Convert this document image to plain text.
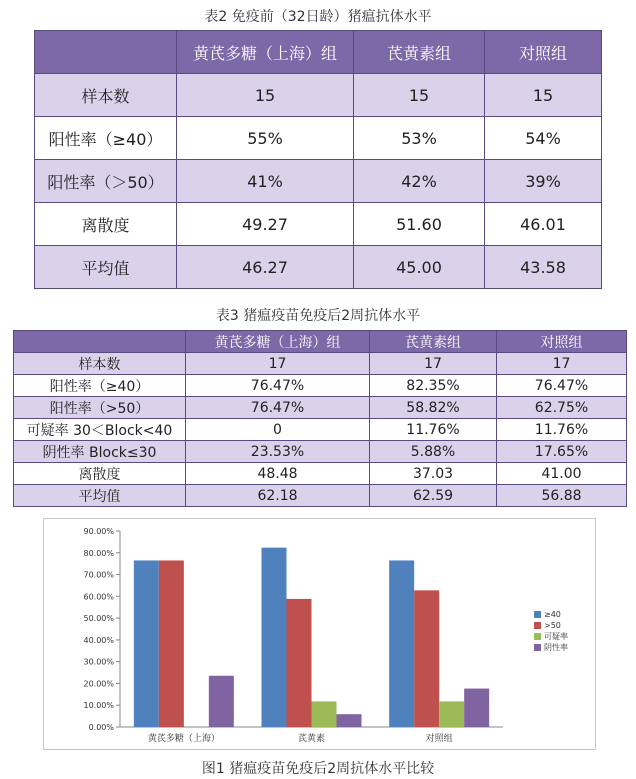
表2 免疫前（32日龄）猪瘟抗体水平
	黄芪多糖（上海）组	芪黄素组	对照组
样本数	15	15	15
阳性率（≥40）	55%	53%	54%
阳性率（＞50）	41%	42%	39%
离散度	49.27	51.60	46.01
平均值	46.27	45.00	43.58
表3 猪瘟疫苗免疫后2周抗体水平
	黄芪多糖（上海）组	芪黄素组	对照组
样本数	17	17	17
阳性率（≥40）	76.47%	82.35%	76.47%
阳性率（>50）	76.47%	58.82%	62.75%
可疑率 30＜Block<40	0	11.76%	11.76%
阴性率 Block≤30	23.53%	5.88%	17.65%
离散度	48.48	37.03	41.00
平均值	62.18	62.59	56.88
0.00%
10.00%
20.00%
30.00%
40.00%
50.00%
60.00%
70.00%
80.00%
90.00%
黄芪多糖（上海）	芪黄素	对照组
≥40
>50
可疑率
阴性率
图1 猪瘟疫苗免疫后2周抗体水平比较
